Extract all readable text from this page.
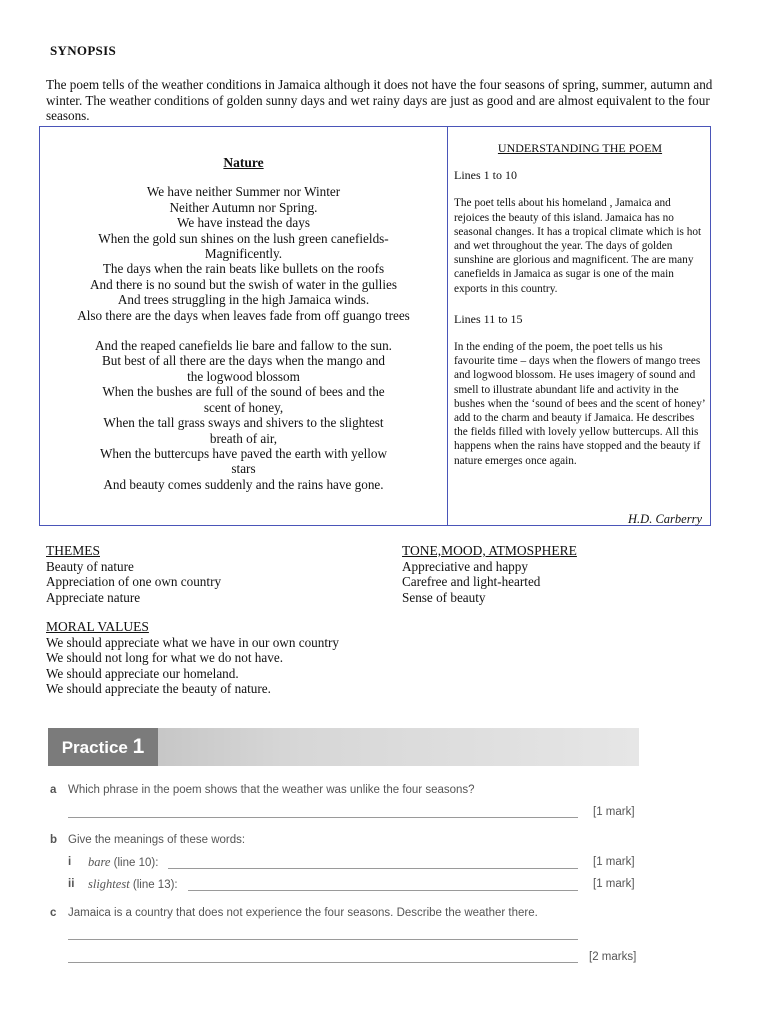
SYNOPSIS
The poem tells of the weather conditions in Jamaica although it does not have the four seasons of spring, summer, autumn and winter. The weather conditions of golden sunny days and wet rainy days are just as good and are almost equivalent to the four seasons.
Nature
We have neither Summer nor Winter
Neither Autumn nor Spring.
We have instead the days
When the gold sun shines on the lush green canefields-
Magnificently.
The days when the rain beats like bullets on the roofs
And there is no sound but the swish of water in the gullies
And trees struggling in the high Jamaica winds.
Also there are the days when leaves fade from off guango trees
And the reaped canefields lie bare and fallow to the sun.
But best of all there are the days when the mango and
the logwood blossom
When the bushes are full of the sound of bees and the
scent of honey,
When the tall grass sways and shivers to the slightest
breath of air,
When the buttercups have paved the earth with yellow
stars
And beauty comes suddenly and the rains have gone.
H.D. Carberry
UNDERSTANDING THE POEM
Lines 1 to 10
The poet tells about his homeland , Jamaica and rejoices the beauty of this island. Jamaica has no seasonal changes. It has a tropical climate which is hot and wet throughout the year. The days of golden sunshine are glorious and magnificent. The are many canefields in Jamaica as sugar is one of the main exports in this country.
Lines 11 to 15
In the ending of the poem, the poet tells us his favourite time – days when the flowers of mango trees and logwood blossom. He uses imagery of sound and smell to illustrate abundant life and activity in the bushes when the ‘sound of bees and the scent of honey’ add to the charm and beauty if Jamaica. He describes the fields filled with lovely yellow buttercups. All this happens when the rains have stopped and the beauty if nature emerges once again.
THEMES
Beauty of nature
Appreciation of one own country
Appreciate nature
TONE,MOOD, ATMOSPHERE
Appreciative and happy
Carefree and light-hearted
Sense of beauty
MORAL VALUES
We should appreciate what we have in our own country
We should not long for what we do not have.
We should appreciate our homeland.
We should appreciate the beauty of nature.
Practice 1
a Which phrase in the poem shows that the weather was unlike the four seasons?
[1 mark]
b Give the meanings of these words:
i bare (line 10):	[1 mark]
ii slightest (line 13):	[1 mark]
c Jamaica is a country that does not experience the four seasons. Describe the weather there.
[2 marks]
